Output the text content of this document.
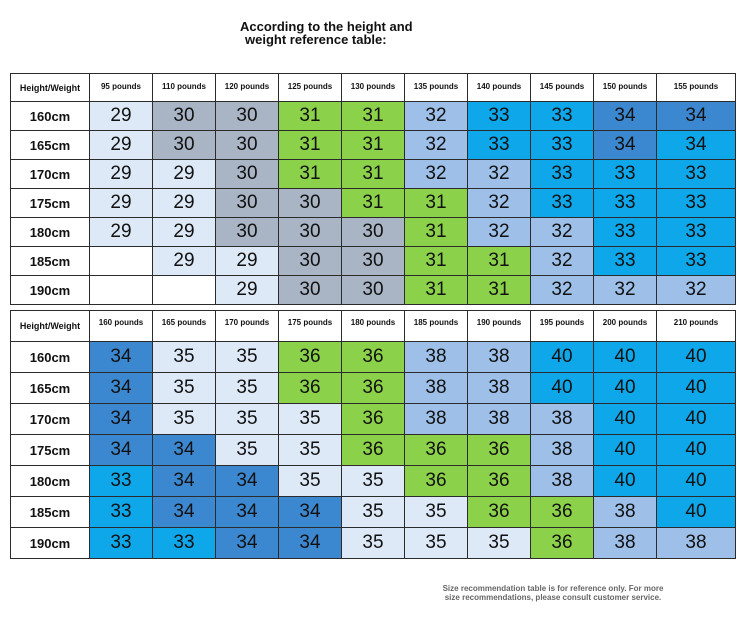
According to the height and
weight reference table:
Height/Weight	95 pounds	110 pounds	120 pounds	125 pounds	130 pounds	135 pounds	140 pounds	145 pounds	150 pounds	155 pounds
160cm	29	30	30	31	31	32	33	33	34	34
165cm	29	30	30	31	31	32	33	33	34	34
170cm	29	29	30	31	31	32	32	33	33	33
175cm	29	29	30	30	31	31	32	33	33	33
180cm	29	29	30	30	30	31	32	32	33	33
185cm		29	29	30	30	31	31	32	33	33
190cm			29	30	30	31	31	32	32	32
Height/Weight	160 pounds	165 pounds	170 pounds	175 pounds	180 pounds	185 pounds	190 pounds	195 pounds	200 pounds	210 pounds
160cm	34	35	35	36	36	38	38	40	40	40
165cm	34	35	35	36	36	38	38	40	40	40
170cm	34	35	35	35	36	38	38	38	40	40
175cm	34	34	35	35	36	36	36	38	40	40
180cm	33	34	34	35	35	36	36	38	40	40
185cm	33	34	34	34	35	35	36	36	38	40
190cm	33	33	34	34	35	35	35	36	38	38
Size recommendation table is for reference only. For more
size recommendations, please consult customer service.
